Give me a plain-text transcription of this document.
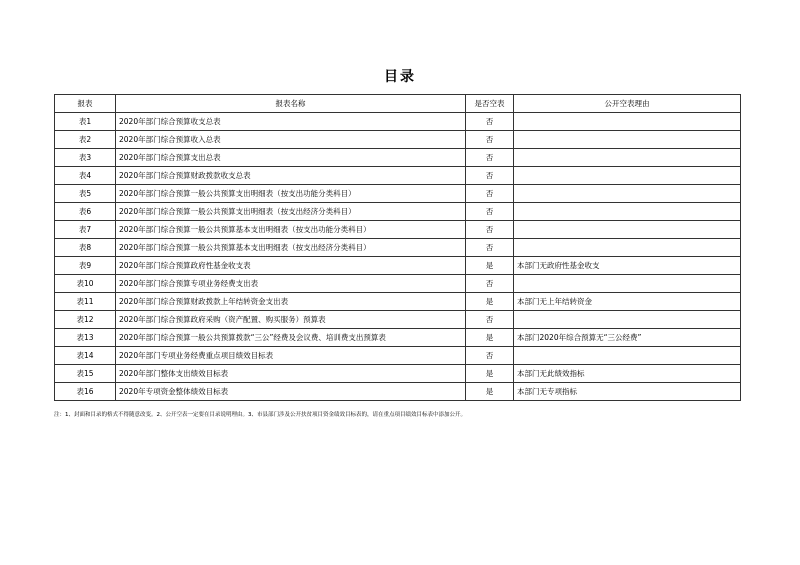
目录
报表	报表名称	是否空表	公开空表理由
表1	2020年部门综合预算收支总表	否	
表2	2020年部门综合预算收入总表	否	
表3	2020年部门综合预算支出总表	否	
表4	2020年部门综合预算财政拨款收支总表	否	
表5	2020年部门综合预算一般公共预算支出明细表（按支出功能分类科目）	否	
表6	2020年部门综合预算一般公共预算支出明细表（按支出经济分类科目）	否	
表7	2020年部门综合预算一般公共预算基本支出明细表（按支出功能分类科目）	否	
表8	2020年部门综合预算一般公共预算基本支出明细表（按支出经济分类科目）	否	
表9	2020年部门综合预算政府性基金收支表	是	本部门无政府性基金收支
表10	2020年部门综合预算专项业务经费支出表	否	
表11	2020年部门综合预算财政拨款上年结转资金支出表	是	本部门无上年结转资金
表12	2020年部门综合预算政府采购（资产配置、购买服务）预算表	否	
表13	2020年部门综合预算一般公共预算拨款“三公”经费及会议费、培训费支出预算表	是	本部门2020年综合预算无“三公经费”
表14	2020年部门专项业务经费重点项目绩效目标表	否	
表15	2020年部门整体支出绩效目标表	是	本部门无此绩效指标
表16	2020年专项资金整体绩效目标表	是	本部门无专项指标
注：1、封面和目录的格式不得随意改变。2、公开空表一定要在目录说明理由。3、市县部门涉及公开扶贫项目资金绩效目标表的，请在重点项目绩效目标表中添加公开。
